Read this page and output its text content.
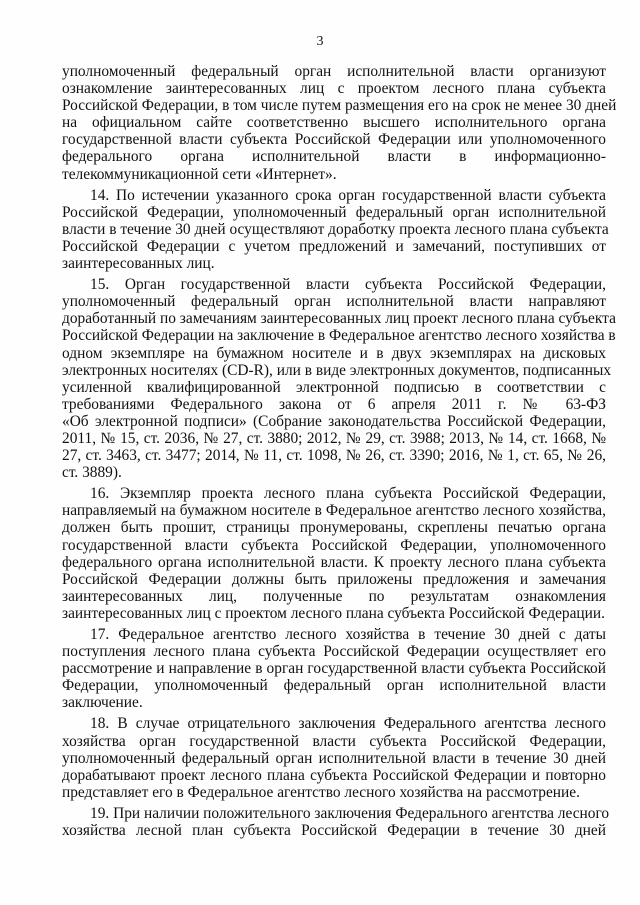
3
уполномоченный федеральный орган исполнительной власти организуют
ознакомление заинтересованных лиц с проектом лесного плана субъекта
Российской Федерации, в том числе путем размещения его на срок не менее 30 дней
на официальном сайте соответственно высшего исполнительного органа
государственной власти субъекта Российской Федерации или уполномоченного
федерального органа исполнительной власти в информационно-
телекоммуникационной сети «Интернет».
14. По истечении указанного срока орган государственной власти субъекта
Российской Федерации, уполномоченный федеральный орган исполнительной
власти в течение 30 дней осуществляют доработку проекта лесного плана субъекта
Российской Федерации с учетом предложений и замечаний, поступивших от
заинтересованных лиц.
15. Орган государственной власти субъекта Российской Федерации,
уполномоченный федеральный орган исполнительной власти направляют
доработанный по замечаниям заинтересованных лиц проект лесного плана субъекта
Российской Федерации на заключение в Федеральное агентство лесного хозяйства в
одном экземпляре на бумажном носителе и в двух экземплярах на дисковых
электронных носителях (CD-R), или в виде электронных документов, подписанных
усиленной квалифицированной электронной подписью в соответствии с
требованиями Федерального закона от 6 апреля 2011 г. № 63-ФЗ
«Об электронной подписи» (Собрание законодательства Российской Федерации,
2011, № 15, ст. 2036, № 27, ст. 3880; 2012, № 29, ст. 3988; 2013, № 14, ст. 1668, №
27, ст. 3463, ст. 3477; 2014, № 11, ст. 1098, № 26, ст. 3390; 2016, № 1, ст. 65, № 26,
ст. 3889).
16. Экземпляр проекта лесного плана субъекта Российской Федерации,
направляемый на бумажном носителе в Федеральное агентство лесного хозяйства,
должен быть прошит, страницы пронумерованы, скреплены печатью органа
государственной власти субъекта Российской Федерации, уполномоченного
федерального органа исполнительной власти. К проекту лесного плана субъекта
Российской Федерации должны быть приложены предложения и замечания
заинтересованных лиц, полученные по результатам ознакомления
заинтересованных лиц с проектом лесного плана субъекта Российской Федерации.
17. Федеральное агентство лесного хозяйства в течение 30 дней с даты
поступления лесного плана субъекта Российской Федерации осуществляет его
рассмотрение и направление в орган государственной власти субъекта Российской
Федерации, уполномоченный федеральный орган исполнительной власти
заключение.
18. В случае отрицательного заключения Федерального агентства лесного
хозяйства орган государственной власти субъекта Российской Федерации,
уполномоченный федеральный орган исполнительной власти в течение 30 дней
дорабатывают проект лесного плана субъекта Российской Федерации и повторно
представляет его в Федеральное агентство лесного хозяйства на рассмотрение.
19. При наличии положительного заключения Федерального агентства лесного
хозяйства лесной план субъекта Российской Федерации в течение 30 дней
